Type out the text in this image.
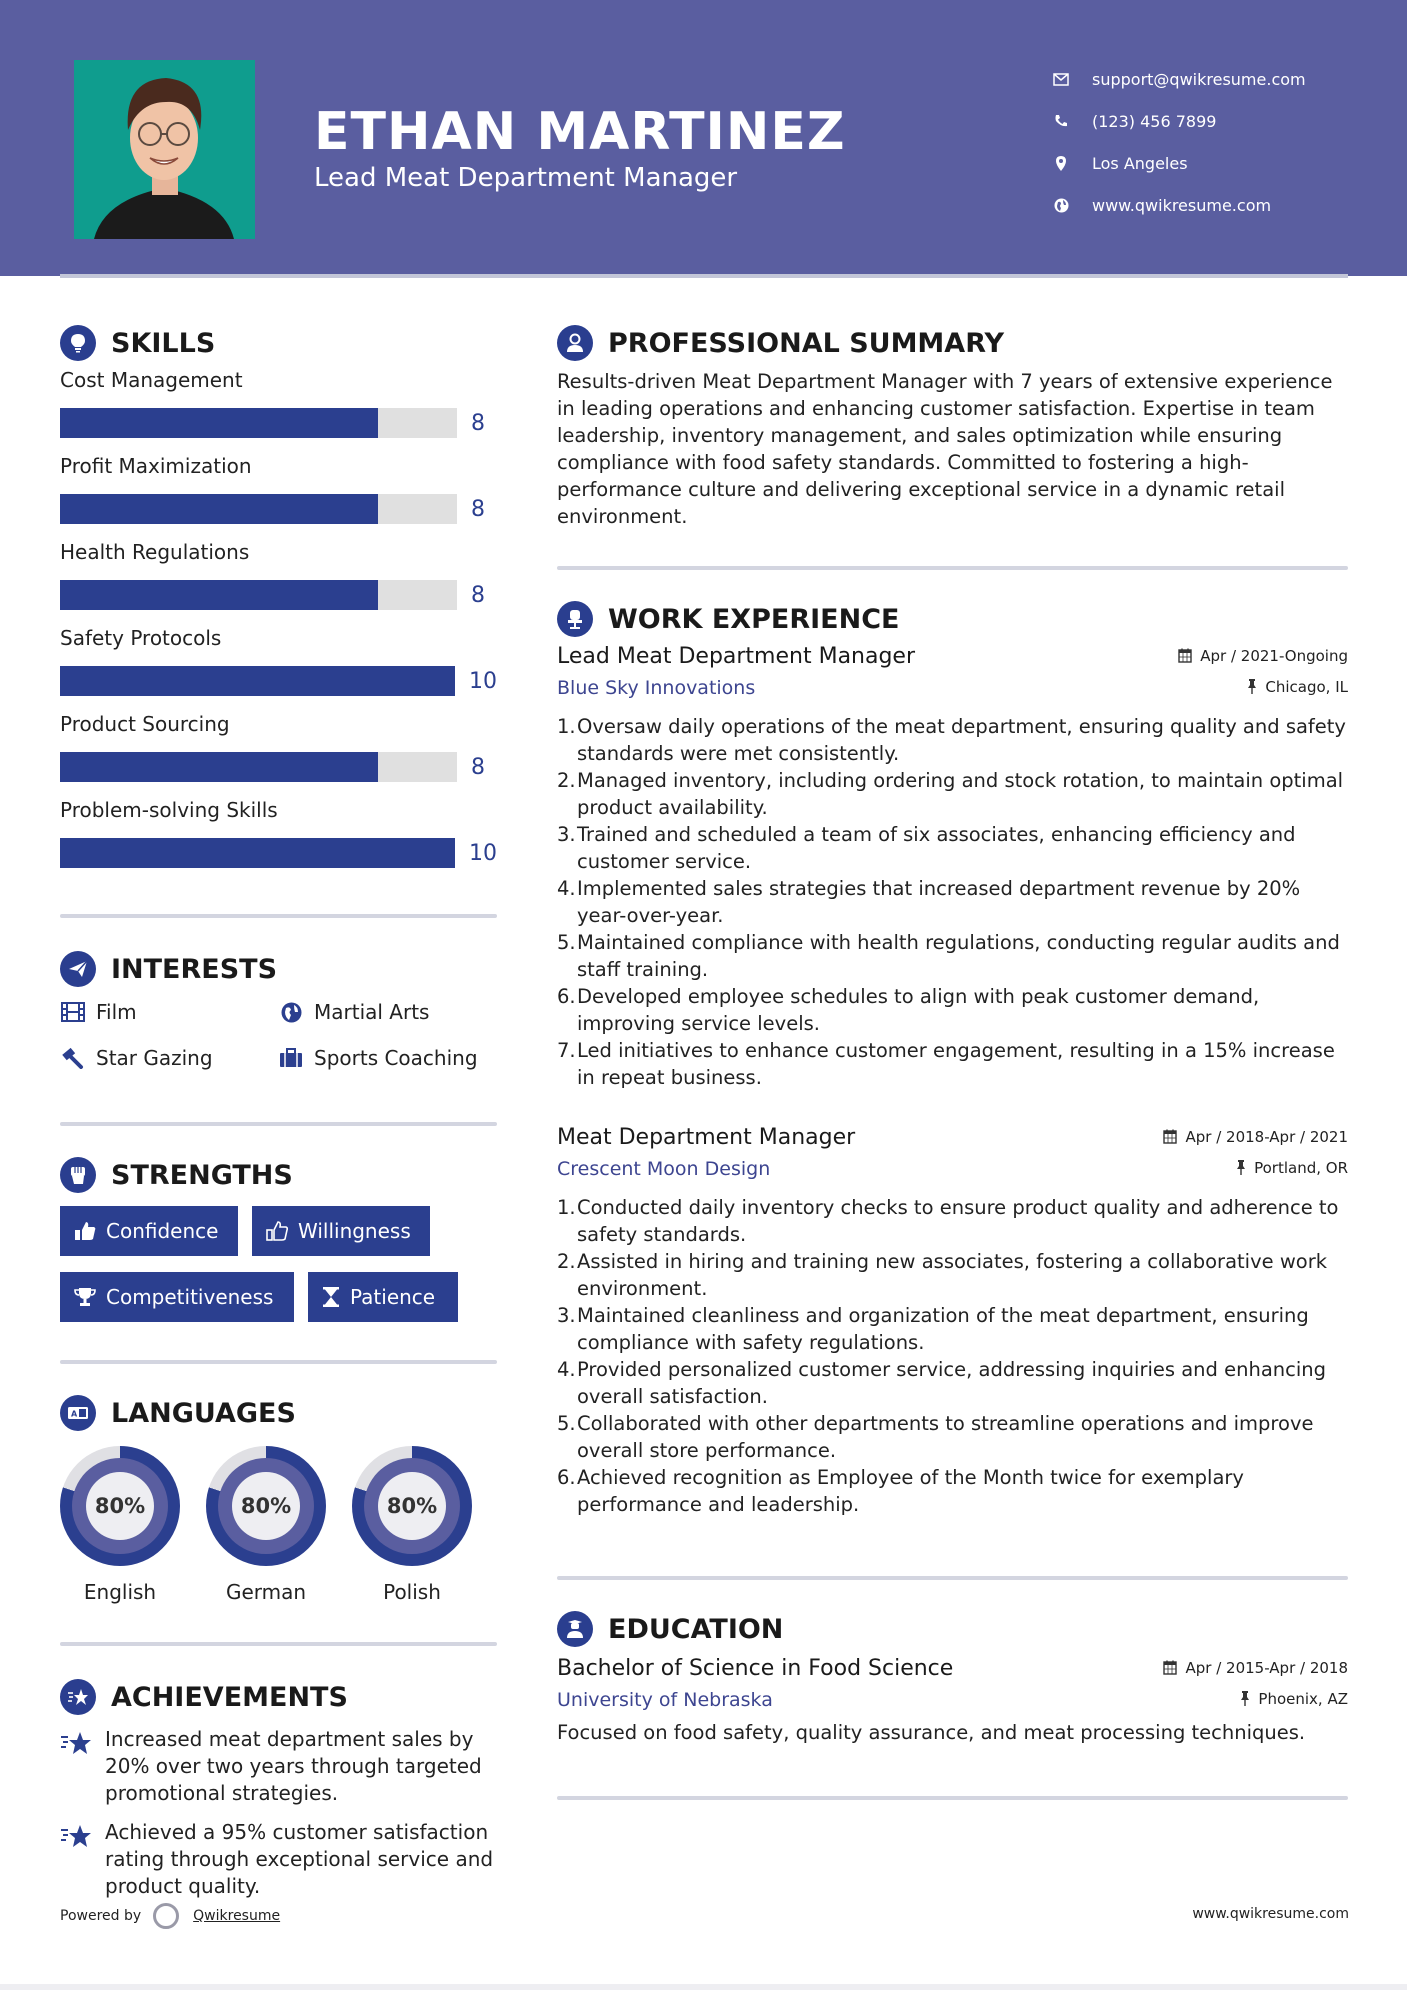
ETHAN MARTINEZ
Lead Meat Department Manager
support@qwikresume.com
(123) 456 7899
Los Angeles
www.qwikresume.com
SKILLS
Cost Management
8
Profit Maximization
8
Health Regulations
8
Safety Protocols
10
Product Sourcing
8
Problem-solving Skills
10
INTERESTS
Film	Martial Arts
Star Gazing	Sports Coaching
STRENGTHS
Confidence	Willingness
Competitiveness	Patience
A LANGUAGES
80%
English
80%
German
80%
Polish
ACHIEVEMENTS
Increased meat department sales by 20% over two years through targeted promotional strategies.
Achieved a 95% customer satisfaction rating through exceptional service and product quality.
PROFESSIONAL SUMMARY

Results-driven Meat Department Manager with 7 years of extensive experience in leading operations and enhancing customer satisfaction. Expertise in team leadership, inventory management, and sales optimization while ensuring compliance with food safety standards. Committed to fostering a high-performance culture and delivering exceptional service in a dynamic retail environment.

WORK EXPERIENCE
Lead Meat Department Manager	Apr / 2021-Ongoing
Blue Sky Innovations	Chicago, IL
1. Oversaw daily operations of the meat department, ensuring quality and safety standards were met consistently.
2. Managed inventory, including ordering and stock rotation, to maintain optimal product availability.
3. Trained and scheduled a team of six associates, enhancing efficiency and customer service.
4. Implemented sales strategies that increased department revenue by 20% year-over-year.
5. Maintained compliance with health regulations, conducting regular audits and staff training.
6. Developed employee schedules to align with peak customer demand, improving service levels.
7. Led initiatives to enhance customer engagement, resulting in a 15% increase in repeat business.
Meat Department Manager	Apr / 2018-Apr / 2021
Crescent Moon Design	Portland, OR
1. Conducted daily inventory checks to ensure product quality and adherence to safety standards.
2. Assisted in hiring and training new associates, fostering a collaborative work environment.
3. Maintained cleanliness and organization of the meat department, ensuring compliance with safety regulations.
4. Provided personalized customer service, addressing inquiries and enhancing overall satisfaction.
5. Collaborated with other departments to streamline operations and improve overall store performance.
6. Achieved recognition as Employee of the Month twice for exemplary performance and leadership.
EDUCATION
Bachelor of Science in Food Science	Apr / 2015-Apr / 2018
University of Nebraska	Phoenix, AZ

Focused on food safety, quality assurance, and meat processing techniques.

Powered by	Qwikresume	www.qwikresume.com
